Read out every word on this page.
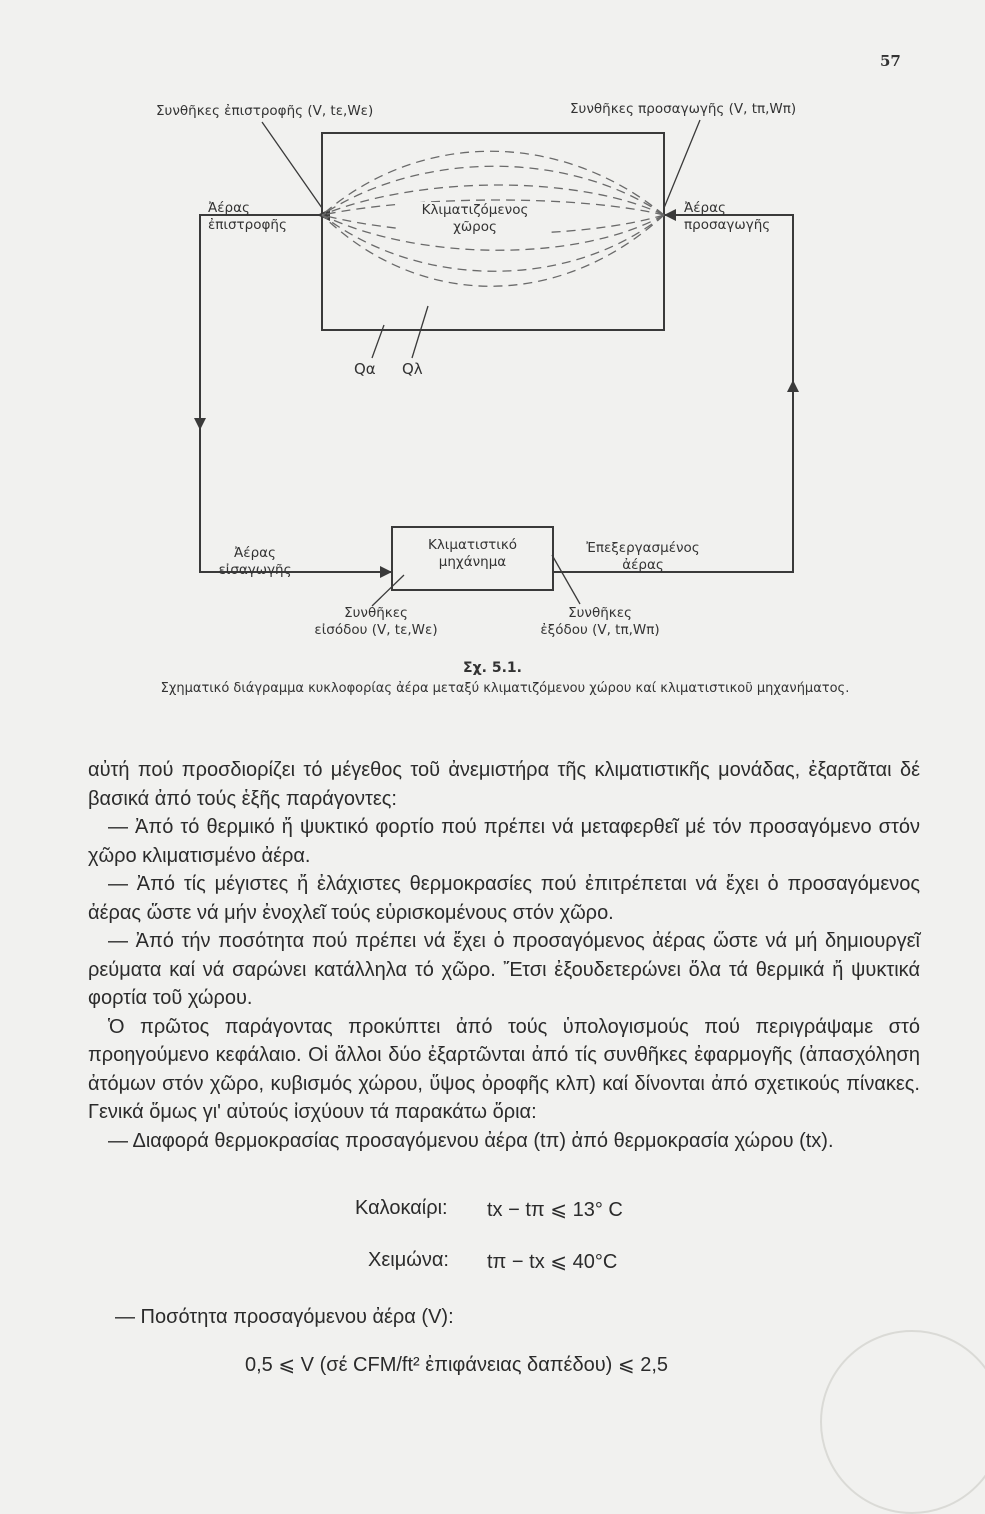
57
Συνθῆκες ἐπιστροφῆς (V, tε,Wε)	Συνθῆκες προσαγωγῆς (V, tπ,Wπ)
Ἀέρας
ἐπιστροφῆς
Ἀέρας
προσαγωγῆς
Κλιματιζόμενος
χῶρος
Qα Qλ
Κλιματιστικό
μηχάνημα
Ἀέρας
εἰσαγωγῆς
Ἐπεξεργασμένος
ἀέρας
Συνθῆκες
εἰσόδου (V, tε,Wε)
Συνθῆκες
ἐξόδου (V, tπ,Wπ)
Σχ. 5.1.
Σχηματικό διάγραμμα κυκλοφορίας ἀέρα μεταξύ κλιματιζόμενου χώρου καί κλιματιστικοῦ μηχανήματος.

αὐτή πού προσδιορίζει τό μέγεθος τοῦ ἀνεμιστήρα τῆς κλιματιστικῆς μονάδας, ἐξαρτᾶται δέ βασικά ἀπό τούς ἑξῆς παράγοντες:

— Ἀπό τό θερμικό ἤ ψυκτικό φορτίο πού πρέπει νά μεταφερθεῖ μέ τόν προσαγόμενο στόν χῶρο κλιματισμένο ἀέρα.

— Ἀπό τίς μέγιστες ἤ ἐλάχιστες θερμοκρασίες πού ἐπιτρέπεται νά ἔχει ὁ προσαγόμενος ἀέρας ὥστε νά μήν ἐνοχλεῖ τούς εὑρισκομένους στόν χῶρο.

— Ἀπό τήν ποσότητα πού πρέπει νά ἔχει ὁ προσαγόμενος ἀέρας ὥστε νά μή δημιουργεῖ ρεύματα καί νά σαρώνει κατάλληλα τό χῶρο. Ἔτσι ἐξουδετερώνει ὅλα τά θερμικά ἤ ψυκτικά φορτία τοῦ χώρου.

Ὁ πρῶτος παράγοντας προκύπτει ἀπό τούς ὑπολογισμούς πού περιγράψαμε στό προηγούμενο κεφάλαιο. Οἱ ἄλλοι δύο ἐξαρτῶνται ἀπό τίς συνθῆκες ἐφαρμογῆς (ἀπασχόληση ἀτόμων στόν χῶρο, κυβισμός χώρου, ὕψος ὀροφῆς κλπ) καί δίνονται ἀπό σχετικούς πίνακες. Γενικά ὅμως γι' αὐτούς ἰσχύουν τά παρακάτω ὅρια:

— Διαφορά θερμοκρασίας προσαγόμενου ἀέρα (tπ) ἀπό θερμοκρασία χώρου (tx).

Καλοκαίρι: tx − tπ ⩽ 13° C
Χειμώνα: tπ − tx ⩽ 40°C
— Ποσότητα προσαγόμενου ἀέρα (V):
0,5 ⩽ V (σέ CFM/ft² ἐπιφάνειας δαπέδου) ⩽ 2,5
